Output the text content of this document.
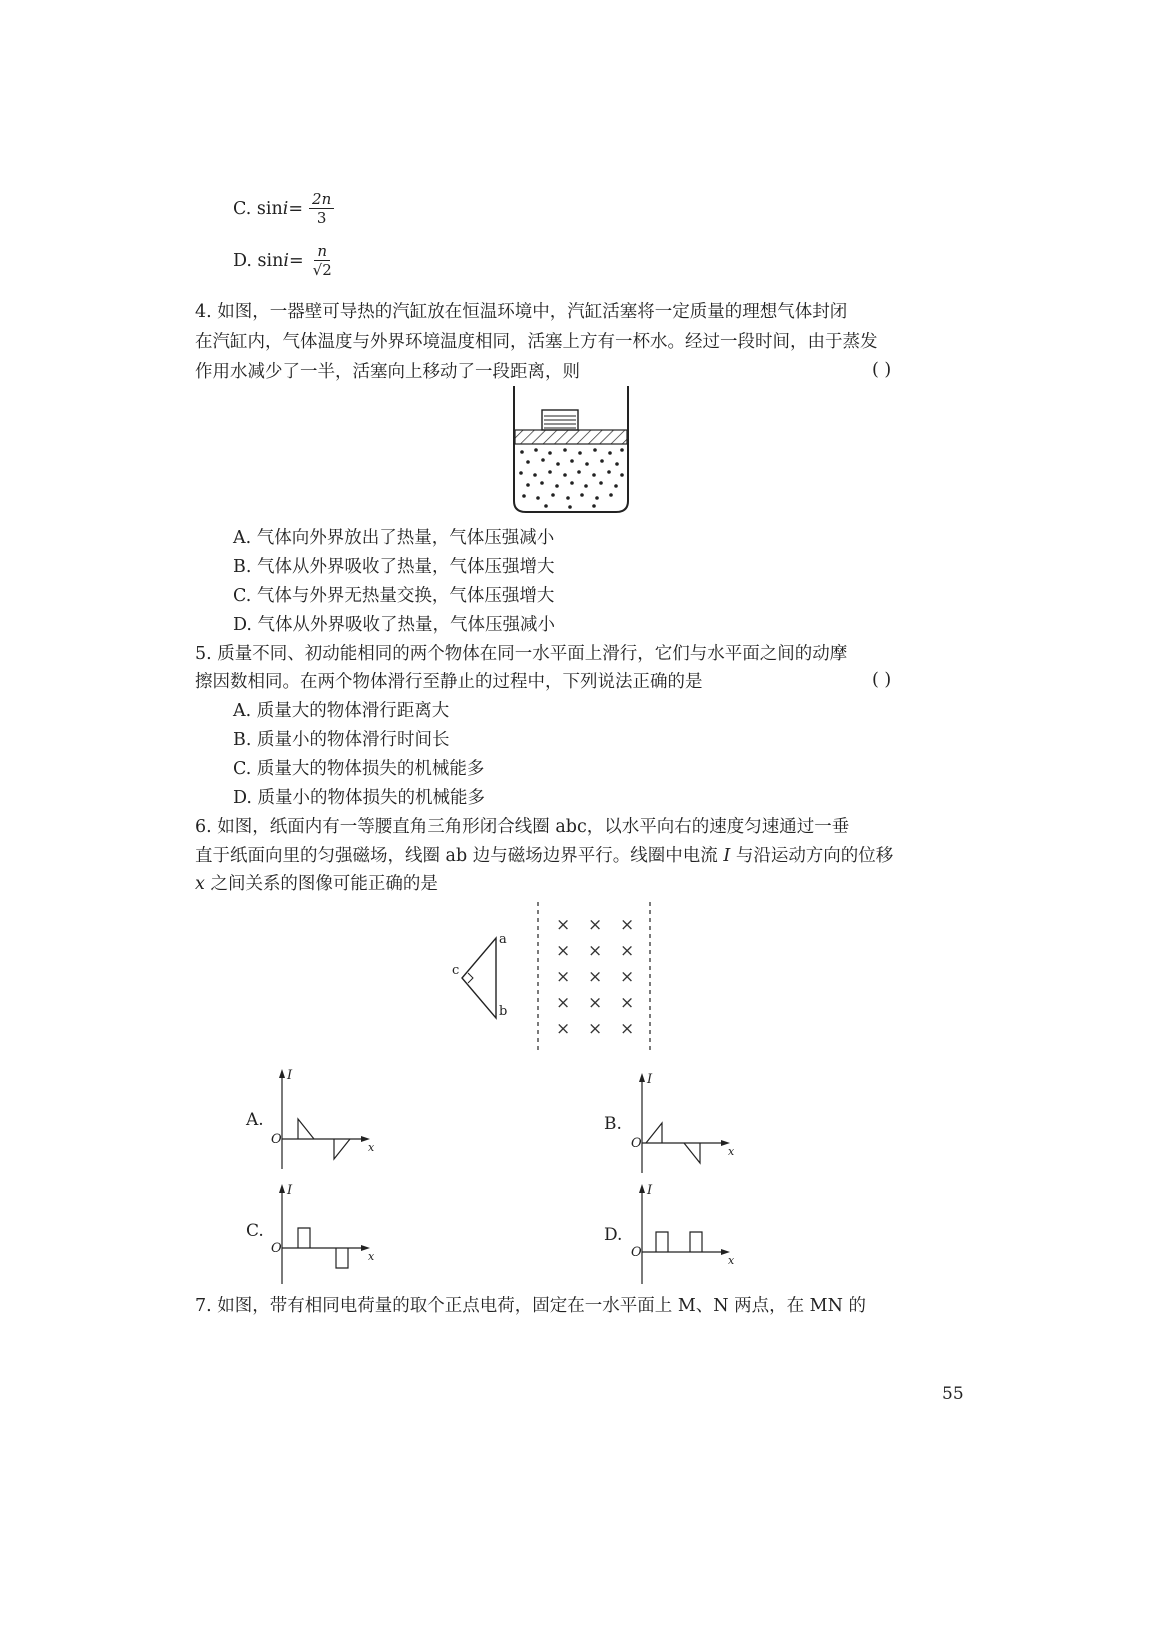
C. $\sin i = \frac{2n}{3}$
D. $\sin i = \frac{n}{√2}$
4. 如图，一器壁可导热的汽缸放在恒温环境中，汽缸活塞将一定质量的理想气体封闭
在汽缸内，气体温度与外界环境温度相同，活塞上方有一杯水。经过一段时间，由于蒸发
作用水减少了一半，活塞向上移动了一段距离，则	( )
A. 气体向外界放出了热量，气体压强减小
B. 气体从外界吸收了热量，气体压强增大
C. 气体与外界无热量交换，气体压强增大
D. 气体从外界吸收了热量，气体压强减小
5. 质量不同、初动能相同的两个物体在同一水平面上滑行，它们与水平面之间的动摩
擦因数相同。在两个物体滑行至静止的过程中，下列说法正确的是	( )
A. 质量大的物体滑行距离大
B. 质量小的物体滑行时间长
C. 质量大的物体损失的机械能多
D. 质量小的物体损失的机械能多
6. 如图，纸面内有一等腰直角三角形闭合线圈 abc，以水平向右的速度匀速通过一垂
直于纸面向里的匀强磁场，线圈 ab 边与磁场边界平行。线圈中电流 I 与沿运动方向的位移
x 之间关系的图像可能正确的是
a
b
c
× × ×
× × ×
× × ×
× × ×
× × ×
A.
I
x
O
B.
I
x
O
C.
I
x
O
D.
I
x
O
7. 如图，带有相同电荷量的取个正点电荷，固定在一水平面上 M、N 两点，在 MN 的
55
